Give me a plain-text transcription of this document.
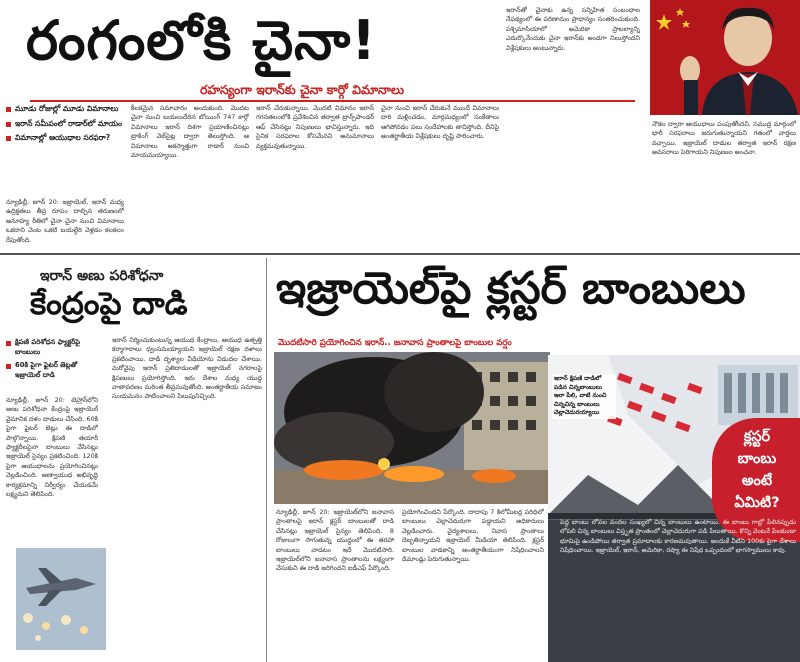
రంగంలోకి చైనా!
రహస్యంగా ఇరాన్‌కు చైనా కార్గో విమానాలు
మూడు రోజుల్లో మూడు విమానాలు
ఇరాన్ సమీపంలో రాడార్‌లో మాయం
విమానాల్లో ఆయుధాల సరఫరా?
న్యూఢిల్లీ, జూన్ 20: ఇజ్రాయెల్, ఇరాన్ మధ్య ఉద్రిక్తతలు తీవ్ర రూపం దాల్చిన తరుణంలో అనూహ్య రీతిలో చైనా చైనా నుంచి విమానాలు ఒకదాని వెంట ఒకటి బయల్దేరి వెళ్లడం కలకలం రేపుతోంది.
కీలకమైన సమాచారం అందుకుంది. మొదట చైనా నుంచి బయలుదేరిన బోయింగ్ 747 కార్గో విమానాలు ఇరాన్ దిశగా ప్రయాణించినట్లు ట్రాకింగ్ వెబ్‌సైట్ల ద్వారా తెలుస్తోంది. ఆ విమానాలు అకస్మాత్తుగా రాడార్ నుంచి మాయమయ్యాయి.
ఇరాన్ చేరుకున్నాయి. మొదటి విమానం ఇరాన్ గగనతలంలోకి ప్రవేశించిన తర్వాత ట్రాన్స్‌పాండర్ ఆఫ్ చేసినట్లు నిపుణులు భావిస్తున్నారు. ఇది సైనిక సరఫరాల కోసమేనని అనుమానాలు వ్యక్తమవుతున్నాయి.
చైనా నుంచి ఇరాన్ చేరుకునే ముందే విమానాలు దారి మళ్లించడం, మార్గమధ్యంలో సంకేతాలు ఆగిపోవడం పలు సందేహాలకు తావిస్తోంది. దీనిపై అంతర్జాతీయ విశ్లేషకులు దృష్టి సారించారు.
ఇరాన్‌తో చైనాకు ఉన్న సన్నిహిత సంబంధాల నేపథ్యంలో ఈ పరిణామం ప్రాధాన్యం సంతరించుకుంది. పశ్చిమాసియాలో అమెరికా ప్రాబల్యాన్ని ఎదుర్కొనేందుకు చైనా ఇరాన్‌కు అండగా నిలుస్తోందని విశ్లేషకులు అంటున్నారు.
నౌకల ద్వారా ఆయుధాలు పంపుతోందని, సముద్ర మార్గంలో భారీ సరఫరాలు జరుగుతున్నాయని గతంలో వార్తలు వచ్చాయి. ఇజ్రాయెల్ దాడుల తర్వాత ఇరాన్ రక్షణ అవసరాలు పెరిగాయని నిపుణుల అంచనా.
ఇరాన్ అణు పరిశోధనా
కేంద్రంపై దాడి
క్షిపణి పరిశోధన ఫ్యాక్టరీపై బాంబులు
60కి పైగా ఫైటర్ జెట్లతో ఇజ్రాయెల్ దాడి
న్యూఢిల్లీ, జూన్ 20: టెహ్రాన్‌లోని అణు పరిశోధనా కేంద్రంపై ఇజ్రాయెల్ వైమానిక దళం దాడులు చేసింది. 60కి పైగా ఫైటర్ జెట్లు ఈ దాడిలో పాల్గొన్నాయి. క్షిపణి తయారీ ఫ్యాక్టరీలపైనా బాంబులు వేసినట్లు ఇజ్రాయెల్ సైన్యం ప్రకటించింది. 120కి పైగా ఆయుధాలను ప్రయోగించినట్లు వెల్లడించింది. అణ్వాయుధ అభివృద్ధి కార్యక్రమాన్ని నిర్వీర్యం చేయడమే లక్ష్యమని తెలిపింది.
ఇరాన్ నిర్మించుకుంటున్న ఆయుధ కేంద్రాలు, ఆయుధ ఉత్పత్తి కర్మాగారాలు ధ్వంసమయ్యాయని ఇజ్రాయెల్ రక్షణ దళాలు ప్రకటించాయి. దాడి దృశ్యాల వీడియోను విడుదల చేశాయి. మరోవైపు ఇరాన్ ప్రతిదాడులతో ఇజ్రాయెల్ నగరాలపై క్షిపణులు ప్రయోగిస్తోంది. ఇరు దేశాల మధ్య యుద్ధ వాతావరణం మరింత తీవ్రమవుతోంది. అంతర్జాతీయ సమాజం సంయమనం పాటించాలని పిలుపునిచ్చింది.
ఇజ్రాయెల్‌పై క్లస్టర్ బాంబులు
మొదటిసారి ప్రయోగించిన ఇరాన్.. జనావాస ప్రాంతాలపై బాంబుల వర్షం
న్యూఢిల్లీ, జూన్ 20: ఇజ్రాయెల్‌లోని జనావాస ప్రాంతాలపై ఇరాన్ క్లస్టర్ బాంబులతో దాడి చేసినట్లు ఇజ్రాయెల్ సైన్యం తెలిపింది. 8 రోజులుగా సాగుతున్న యుద్ధంలో ఈ తరహా బాంబులు వాడటం ఇదే మొదటిసారి. ఇజ్రాయెల్‌లోని జనావాస ప్రాంతాలను లక్ష్యంగా చేసుకుని ఈ దాడి జరిగిందని ఐడీఎఫ్ పేర్కొంది.
ప్రయోగించిందని పేర్కొంది. దాదాపు 7 కిలోమీటర్ల పరిధిలో బాంబులు చెల్లాచెదురుగా పడ్డాయని అధికారులు వెల్లడించారు. వైద్యశాలలు, నివాస ప్రాంతాలు దెబ్బతిన్నాయని ఇజ్రాయెల్ మీడియా తెలిపింది. క్లస్టర్ బాంబుల వాడకాన్ని అంతర్జాతీయంగా నిషేధించాలని డిమాండ్లు పెరుగుతున్నాయి.
ఇరాన్ క్షిపణి దాడిలో పడిన చిన్నబాంబులు ఇలా పేలి, వాటి నుంచి చిన్నచిన్న బాంబులు చెల్లాచెదురయ్యాయి
క్లస్టర్ బాంబు అంటే ఏమిటి?
పెద్ద బాంబు లోపల వందల సంఖ్యలో చిన్న బాంబులు ఉంటాయి. ఈ బాంబు గాల్లో పేలినప్పుడు లోపలి చిన్న బాంబులు విస్తృత ప్రాంతంలో చెల్లాచెదురుగా పడి పేలుతాయి. కొన్ని వెంటనే పేలకుండా భూమిపై ఉండిపోయి తర్వాత ప్రమాదాలకు కారణమవుతాయి. అందుకే వీటిని 100కు పైగా దేశాలు నిషేధించాయి. ఇజ్రాయెల్, ఇరాన్, అమెరికా, రష్యా ఈ నిషేధ ఒప్పందంలో భాగస్వాములు కావు.
